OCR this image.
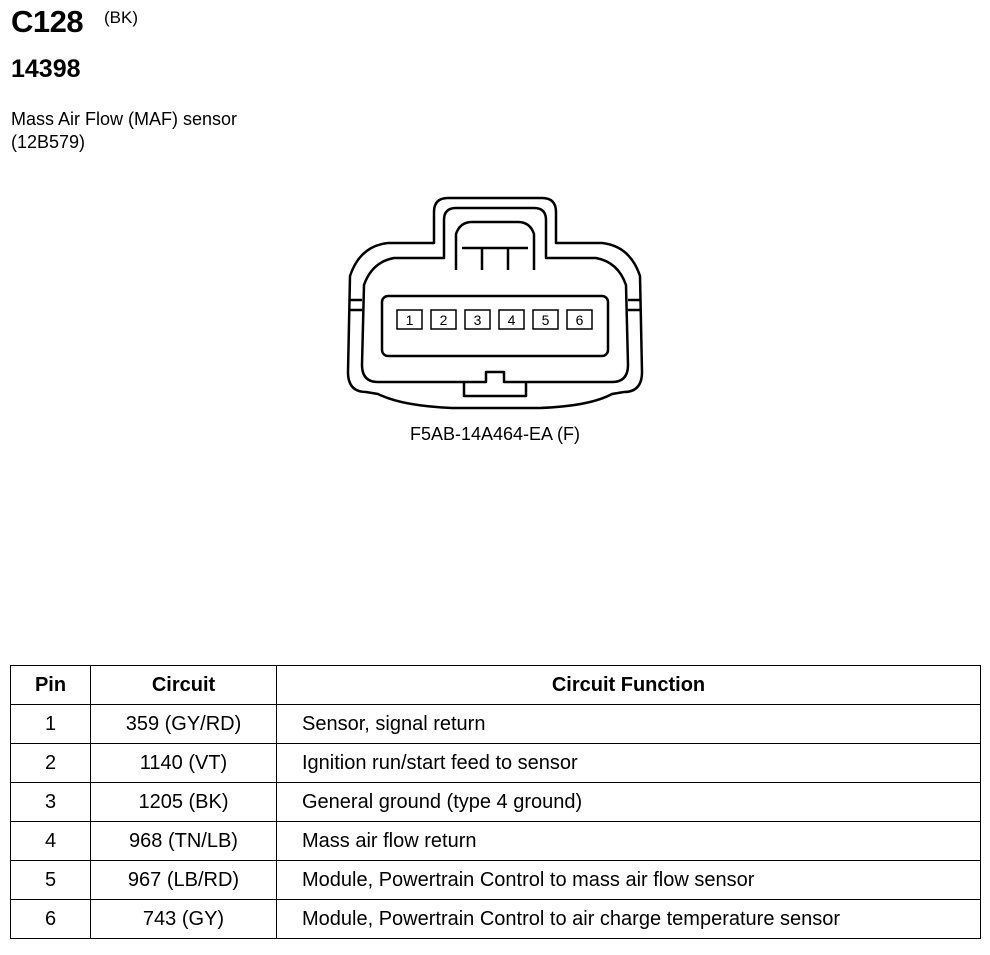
C128 (BK)
14398
Mass Air Flow (MAF) sensor
(12B579)
1 2 3 4 5 6
F5AB-14A464-EA (F)
Pin	Circuit	Circuit Function
1	359 (GY/RD)	Sensor, signal return
2	1140 (VT)	Ignition run/start feed to sensor
3	1205 (BK)	General ground (type 4 ground)
4	968 (TN/LB)	Mass air flow return
5	967 (LB/RD)	Module, Powertrain Control to mass air flow sensor
6	743 (GY)	Module, Powertrain Control to air charge temperature sensor
